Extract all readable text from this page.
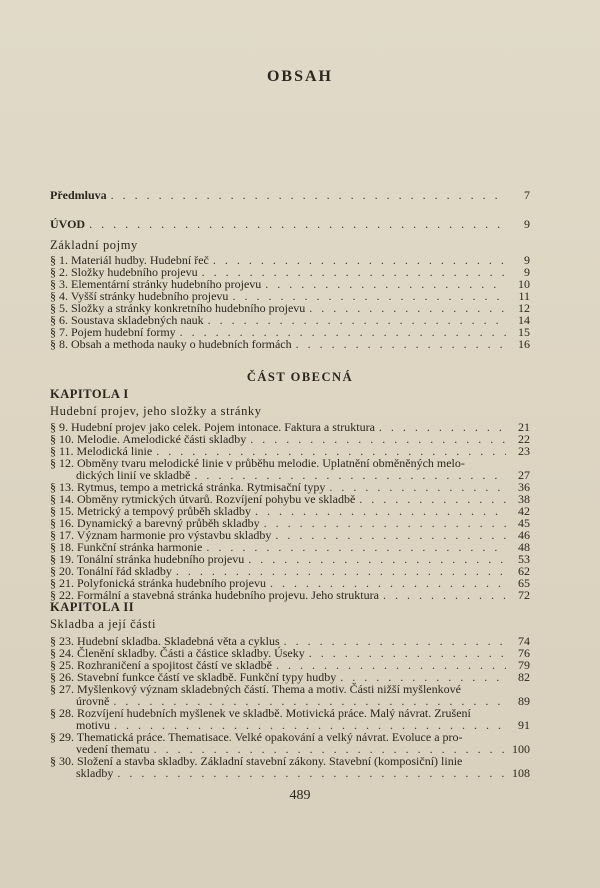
OBSAH
Předmluva . . .	7
ÚVOD . . .	9
Základní pojmy
§ 1. Materiál hudby. Hudební řeč . . .	9
§ 2. Složky hudebního projevu . . .	9
§ 3. Elementární stránky hudebního projevu . . .	10
§ 4. Vyšší stránky hudebního projevu . . .	11
§ 5. Složky a stránky konkretního hudebního projevu . . .	12
§ 6. Soustava skladebných nauk . . .	14
§ 7. Pojem hudební formy . . .	15
§ 8. Obsah a methoda nauky o hudebních formách . . .	16
ČÁST OBECNÁ
KAPITOLA I
Hudební projev, jeho složky a stránky
§ 9. Hudební projev jako celek. Pojem intonace. Faktura a struktura . . .	21
§ 10. Melodie. Amelodické části skladby . . .	22
§ 11. Melodická linie . . .	23
§ 12. Obměny tvaru melodické linie v průběhu melodie. Uplatnění obměněných melo-
dických linií ve skladbě . . .	27
§ 13. Rytmus, tempo a metrická stránka. Rytmisační typy . . .	36
§ 14. Obměny rytmických útvarů. Rozvíjení pohybu ve skladbě . . .	38
§ 15. Metrický a tempový průběh skladby . . .	42
§ 16. Dynamický a barevný průběh skladby . . .	45
§ 17. Význam harmonie pro výstavbu skladby . . .	46
§ 18. Funkční stránka harmonie . . .	48
§ 19. Tonální stránka hudebního projevu . . .	53
§ 20. Tonální řád skladby . . .	62
§ 21. Polyfonická stránka hudebního projevu . . .	65
§ 22. Formální a stavebná stránka hudebního projevu. Jeho struktura . . .	72
KAPITOLA II
Skladba a její části
§ 23. Hudební skladba. Skladebná věta a cyklus . . .	74
§ 24. Členění skladby. Části a částice skladby. Úseky . . .	76
§ 25. Rozhraničení a spojitost částí ve skladbě . . .	79
§ 26. Stavební funkce částí ve skladbě. Funkční typy hudby . . .	82
§ 27. Myšlenkový význam skladebných částí. Thema a motiv. Části nižší myšlenkové
úrovně . . .	89
§ 28. Rozvíjení hudebních myšlenek ve skladbě. Motivická práce. Malý návrat. Zrušení
motivu . . .	91
§ 29. Thematická práce. Thematisace. Velké opakování a velký návrat. Evoluce a pro-
vedení thematu . . .	100
§ 30. Složení a stavba skladby. Základní stavební zákony. Stavební (komposiční) linie
skladby . . .	108
489
